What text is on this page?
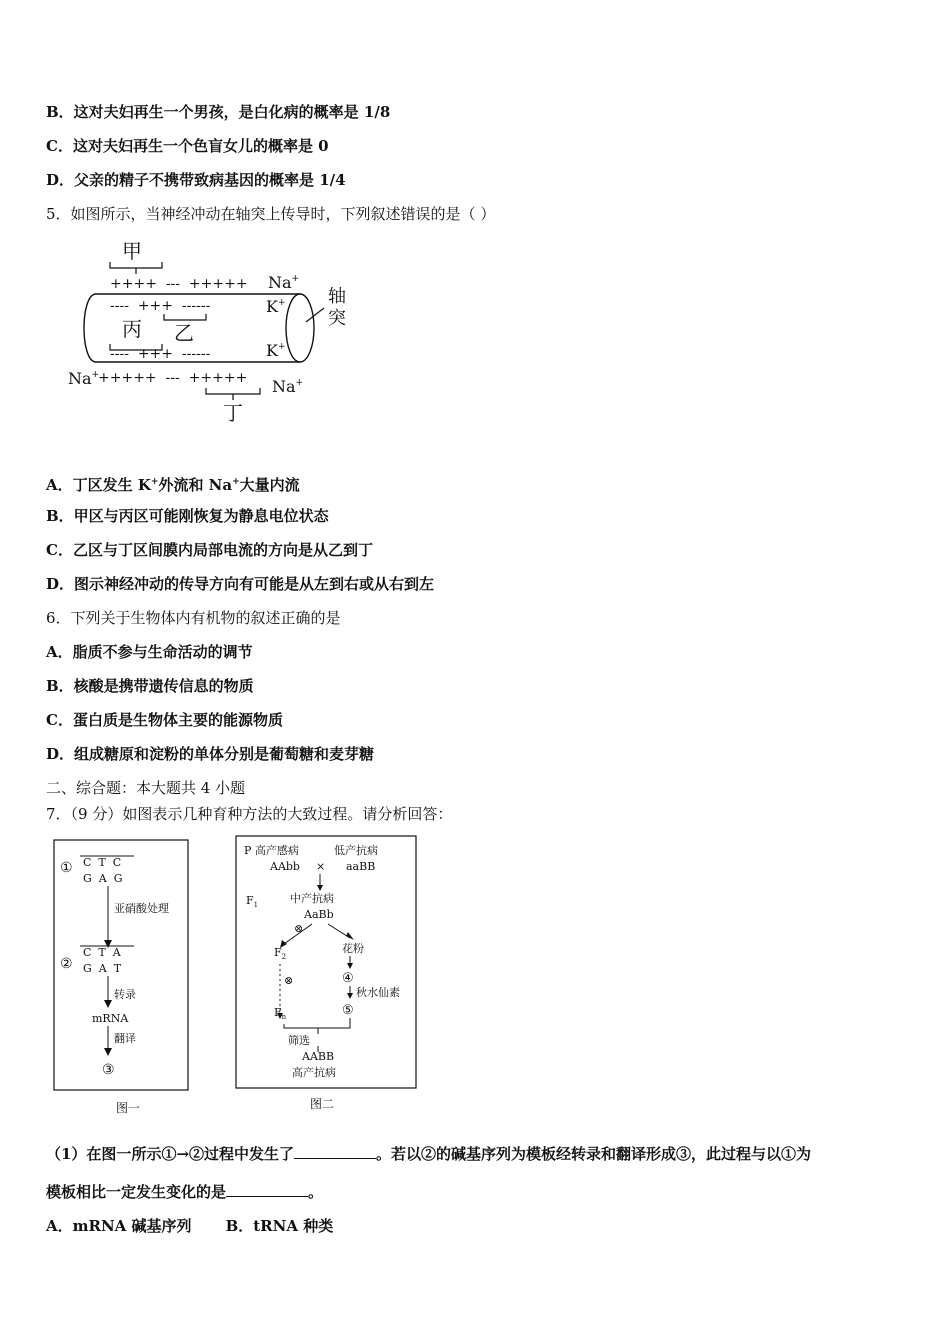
B．这对夫妇再生一个男孩，是白化病的概率是 1/8
C．这对夫妇再生一个色盲女儿的概率是 0
D．父亲的精子不携带致病基因的概率是 1/4
5．如图所示，当神经冲动在轴突上传导时，下列叙述错误的是（ ）
甲
++++  ---  +++++ Na+
----  +++  ------	K+
乙
丙
----  +++  ------	K+
Na+
+++++  ---  +++++ Na+
丁
轴
突
A．丁区发生 K+外流和 Na+大量内流
B．甲区与丙区可能刚恢复为静息电位状态
C．乙区与丁区间膜内局部电流的方向是从乙到丁
D．图示神经冲动的传导方向有可能是从左到右或从右到左
6．下列关于生物体内有机物的叙述正确的是
A．脂质不参与生命活动的调节
B．核酸是携带遗传信息的物质
C．蛋白质是生物体主要的能源物质
D．组成糖原和淀粉的单体分别是葡萄糖和麦芽糖
二、综合题：本大题共 4 小题
7．（9 分）如图表示几种育种方法的大致过程。请分析回答：
① C  T  C
G  A  G
亚硝酸处理
②
C  T  A
G  A  T
转录
mRNA
翻译
③
图一
P 高产感病	低产抗病
AAbb × aaBB
$F_1$	中产抗病
AaBb
⊗
$F_2$
花粉
⊗	④
秋水仙素
⑤
$F_n$
筛选
AABB
高产抗病
图二
（1）在图一所示①→②过程中发生了	。若以②的碱基序列为模板经转录和翻译形成③，此过程与以①为
模板相比一定发生变化的是	。
A．mRNA 碱基序列 B．tRNA 种类
